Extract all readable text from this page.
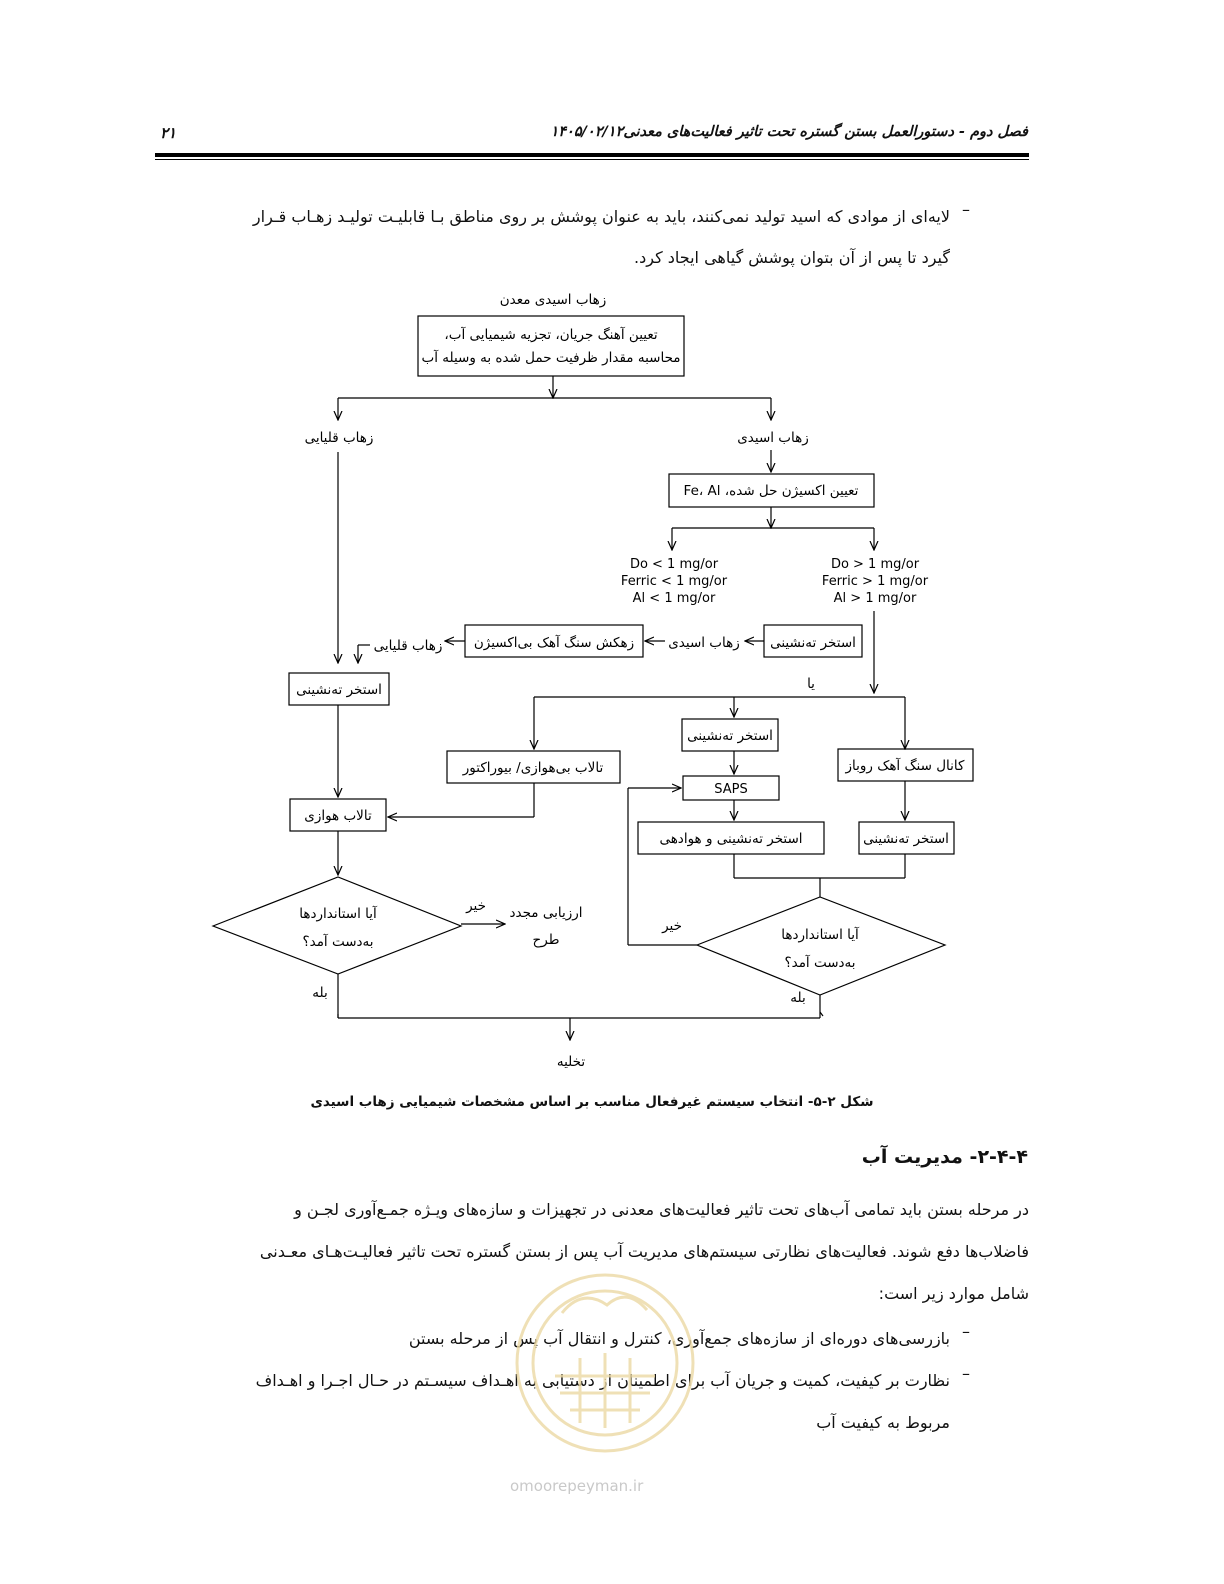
فصل دوم - دستورالعمل بستن گستره تحت تاثیر فعالیت‌های معدنی۱۴۰۵/۰۲/۱۲
۲۱
–
لایه‌ای از موادی که اسید تولید نمی‌کنند، باید به عنوان پوشش بر روی مناطق بـا قابلیـت تولیـد زهـاب قـرار
گیرد تا پس از آن بتوان پوشش گیاهی ایجاد کرد.
زهاب اسیدی معدن
تعیین آهنگ جریان، تجزیه شیمیایی آب،
محاسبه مقدار ظرفیت حمل شده به وسیله آب
زهاب قلیایی	زهاب اسیدی
تعیین اکسیژن حل شده، Fe، Al
استخر ته‌نشینی
زهاب اسیدی
زهکش سنگ آهک بی‌اکسیژن
زهاب قلیایی
استخر ته‌نشینی	یا
استخر ته‌نشینی
تالاب بی‌هوازی/ بیوراکتور
SAPS
کانال سنگ آهک روباز
تالاب هوازی
استخر ته‌نشینی و هوادهی	استخر ته‌نشینی
آیا استانداردها
به‌دست آمد؟
خیر ارزیابی مجدد
طرح
خیر
آیا استانداردها
به‌دست آمد؟
بله	بله
تخلیه
Do < 1 mg/or
Ferric < 1 mg/or
Al < 1 mg/or
Do > 1 mg/or
Ferric > 1 mg/or
Al > 1 mg/or
شکل ۲-۵- انتخاب سیستم غیرفعال مناسب بر اساس مشخصات شیمیایی زهاب اسیدی
۲-۴-۴- مدیریت آب
در مرحله بستن باید تمامی آب‌های تحت تاثیر فعالیت‌های معدنی در تجهیزات و سازه‌های ویـژه جمـع‌آوری لجـن و
فاضلاب‌ها دفع شوند. فعالیت‌های نظارتی سیستم‌های مدیریت آب پس از بستن گستره تحت تاثیر فعالیـت‌هـای معـدنی
شامل موارد زیر است:
–
بازرسی‌های دوره‌ای از سازه‌های جمع‌آوری، کنترل و انتقال آب پس از مرحله بستن
–
نظارت بر کیفیت، کمیت و جریان آب برای اطمینان از دستیابی به اهـداف سیسـتم در حـال اجـرا و اهـداف
مربوط به کیفیت آب
omoorepeyman.ir
